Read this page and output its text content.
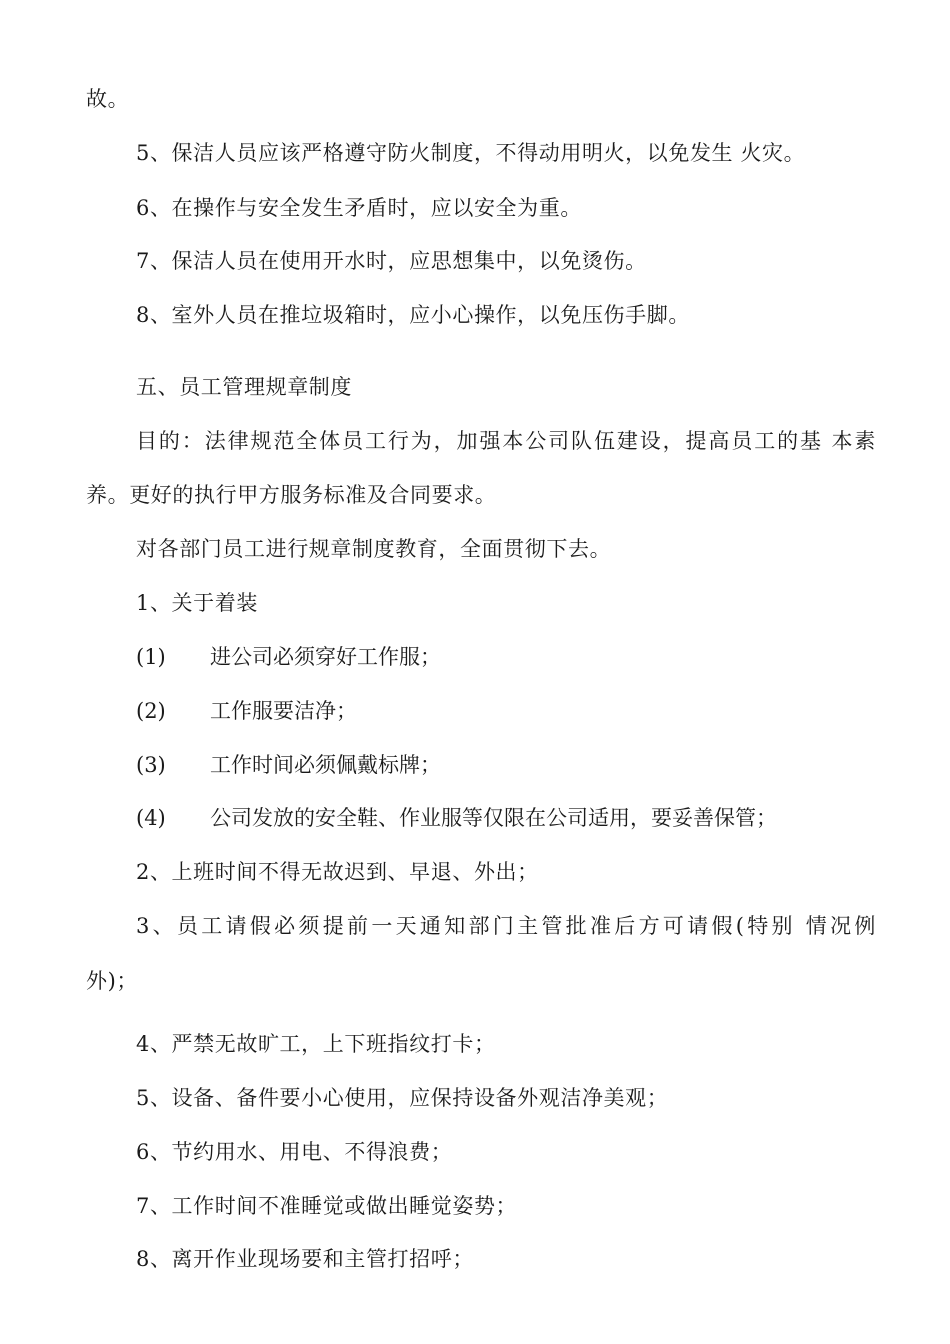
故。
5、保洁人员应该严格遵守防火制度，不得动用明火，以免发生 火灾。
6、在操作与安全发生矛盾时，应以安全为重。
7、保洁人员在使用开水时，应思想集中，以免烫伤。
8、室外人员在推垃圾箱时，应小心操作，以免压伤手脚。
五、员工管理规章制度
目的：法律规范全体员工行为，加强本公司队伍建设，提高员工的基 本素
养。更好的执行甲方服务标准及合同要求。
对各部门员工进行规章制度教育，全面贯彻下去。
1、关于着装
(1) 进公司必须穿好工作服；
(2) 工作服要洁净；
(3) 工作时间必须佩戴标牌；
(4) 公司发放的安全鞋、作业服等仅限在公司适用，要妥善保管；
2、上班时间不得无故迟到、早退、外出；
3、员工请假必须提前一天通知部门主管批准后方可请假(特别 情况例
外)；
4、严禁无故旷工，上下班指纹打卡；
5、设备、备件要小心使用，应保持设备外观洁净美观；
6、节约用水、用电、不得浪费；
7、工作时间不准睡觉或做出睡觉姿势；
8、离开作业现场要和主管打招呼；
